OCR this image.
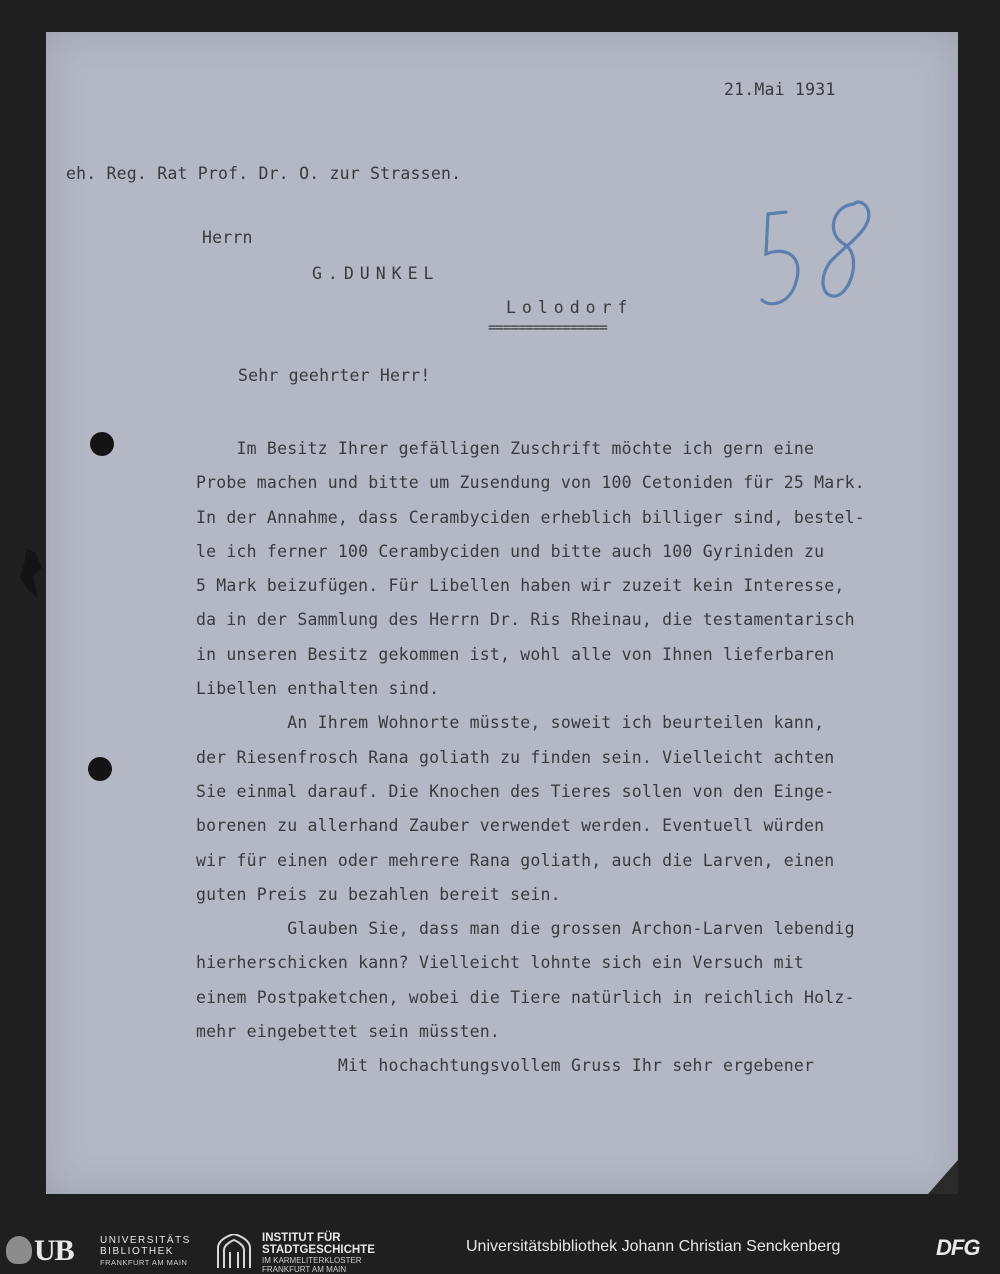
21.Mai 1931
eh. Reg. Rat Prof. Dr. O. zur Strassen.
Herrn
G.DUNKEL
Lolodorf
================
Sehr geehrter Herr!
Im Besitz Ihrer gefälligen Zuschrift möchte ich gern eine
Probe machen und bitte um Zusendung von 100 Cetoniden für 25 Mark.
In der Annahme, dass Cerambyciden erheblich billiger sind, bestel-
le ich ferner 100 Cerambyciden und bitte auch 100 Gyriniden zu
5 Mark beizufügen. Für Libellen haben wir zuzeit kein Interesse,
da in der Sammlung des Herrn Dr. Ris Rheinau, die testamentarisch
in unseren Besitz gekommen ist, wohl alle von Ihnen lieferbaren
Libellen enthalten sind.
An Ihrem Wohnorte müsste, soweit ich beurteilen kann,
der Riesenfrosch Rana goliath zu finden sein. Vielleicht achten
Sie einmal darauf. Die Knochen des Tieres sollen von den Einge-
borenen zu allerhand Zauber verwendet werden. Eventuell würden
wir für einen oder mehrere Rana goliath, auch die Larven, einen
guten Preis zu bezahlen bereit sein.
Glauben Sie, dass man die grossen Archon-Larven lebendig
hierherschicken kann? Vielleicht lohnte sich ein Versuch mit
einem Postpaketchen, wobei die Tiere natürlich in reichlich Holz-
mehr eingebettet sein müssten.
Mit hochachtungsvollem Gruss Ihr sehr ergebener
UB	UNIVERSITÄTS
BIBLIOTHEK
FRANKFURT AM MAIN
INSTITUT FÜR
STADTGESCHICHTE
IM KARMELITERKLOSTER
FRANKFURT AM MAIN
Universitätsbibliothek Johann Christian Senckenberg	DFG
